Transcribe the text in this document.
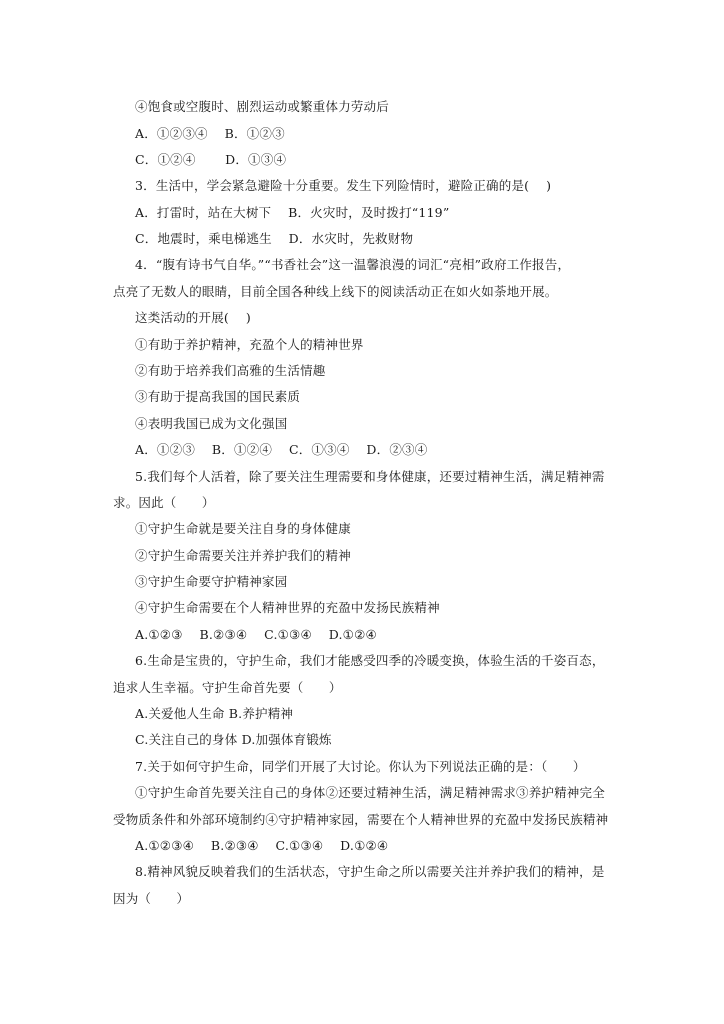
④饱食或空腹时、剧烈运动或繁重体力劳动后
A．①②③④　 B．①②③
C．①②④　　 D．①③④
3．生活中，学会紧急避险十分重要。发生下列险情时，避险正确的是(　 )
A．打雷时，站在大树下　 B．火灾时，及时拨打“119”
C．地震时，乘电梯逃生　 D．水灾时，先救财物
4．“腹有诗书气自华。”“书香社会”这一温馨浪漫的词汇“亮相”政府工作报告，
点亮了无数人的眼睛，目前全国各种线上线下的阅读活动正在如火如荼地开展。
这类活动的开展(　 )
①有助于养护精神，充盈个人的精神世界
②有助于培养我们高雅的生活情趣
③有助于提高我国的国民素质
④表明我国已成为文化强国
A．①②③　 B．①②④　 C．①③④　 D．②③④
5.我们每个人活着，除了要关注生理需要和身体健康，还要过精神生活，满足精神需
求。因此（　　）
①守护生命就是要关注自身的身体健康
②守护生命需要关注并养护我们的精神
③守护生命要守护精神家园
④守护生命需要在个人精神世界的充盈中发扬民族精神
A.①②③　 B.②③④　 C.①③④　 D.①②④
6.生命是宝贵的，守护生命，我们才能感受四季的冷暖变换，体验生活的千姿百态，
追求人生幸福。守护生命首先要（　　）
A.关爱他人生命 B.养护精神
C.关注自己的身体 D.加强体育锻炼
7.关于如何守护生命，同学们开展了大讨论。你认为下列说法正确的是：（　　）
①守护生命首先要关注自己的身体②还要过精神生活，满足精神需求③养护精神完全
受物质条件和外部环境制约④守护精神家园，需要在个人精神世界的充盈中发扬民族精神
A.①②③④　 B.②③④　 C.①③④　 D.①②④
8.精神风貌反映着我们的生活状态，守护生命之所以需要关注并养护我们的精神，是
因为（　　）
